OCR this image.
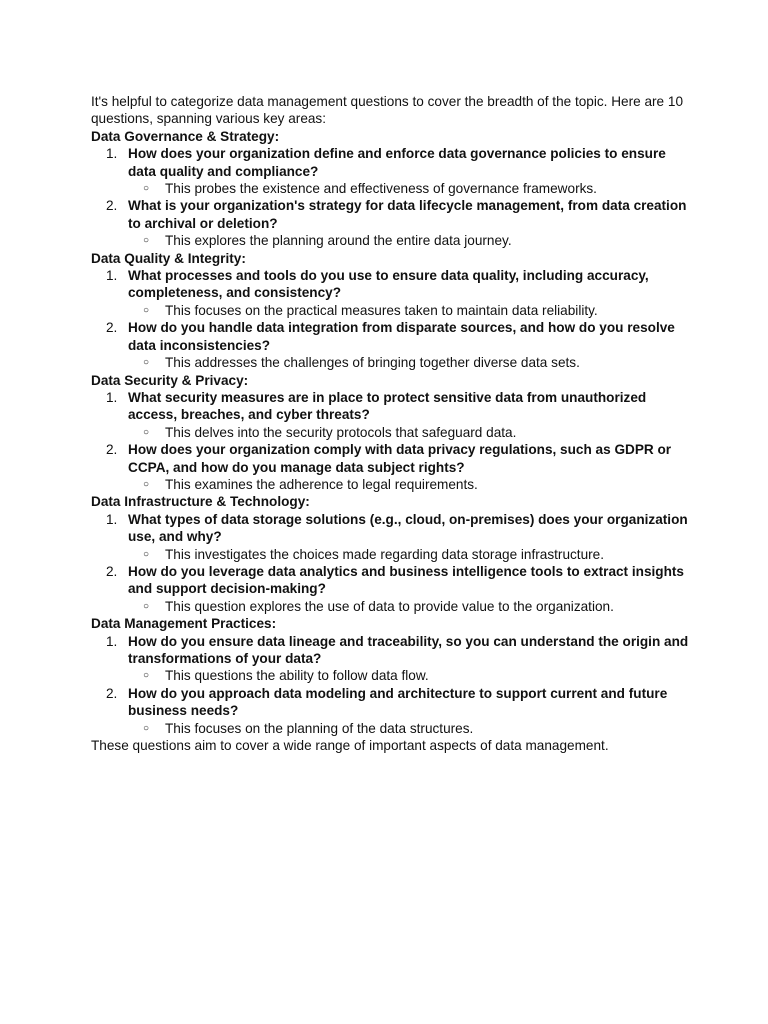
It's helpful to categorize data management questions to cover the breadth of the topic. Here are 10 questions, spanning various key areas:

Data Governance & Strategy:

1. How does your organization define and enforce data governance policies to ensure data quality and compliance?

○ This probes the existence and effectiveness of governance frameworks.

2. What is your organization's strategy for data lifecycle management, from data creation to archival or deletion?

○ This explores the planning around the entire data journey.

Data Quality & Integrity:

1. What processes and tools do you use to ensure data quality, including accuracy, completeness, and consistency?

○ This focuses on the practical measures taken to maintain data reliability.

2. How do you handle data integration from disparate sources, and how do you resolve data inconsistencies?

○ This addresses the challenges of bringing together diverse data sets.

Data Security & Privacy:

1. What security measures are in place to protect sensitive data from unauthorized access, breaches, and cyber threats?

○ This delves into the security protocols that safeguard data.

2. How does your organization comply with data privacy regulations, such as GDPR or CCPA, and how do you manage data subject rights?

○ This examines the adherence to legal requirements.

Data Infrastructure & Technology:

1. What types of data storage solutions (e.g., cloud, on-premises) does your organization use, and why?

○ This investigates the choices made regarding data storage infrastructure.

2. How do you leverage data analytics and business intelligence tools to extract insights and support decision-making?

○ This question explores the use of data to provide value to the organization.

Data Management Practices:

1. How do you ensure data lineage and traceability, so you can understand the origin and transformations of your data?

○ This questions the ability to follow data flow.

2. How do you approach data modeling and architecture to support current and future business needs?

○ This focuses on the planning of the data structures.

These questions aim to cover a wide range of important aspects of data management.
